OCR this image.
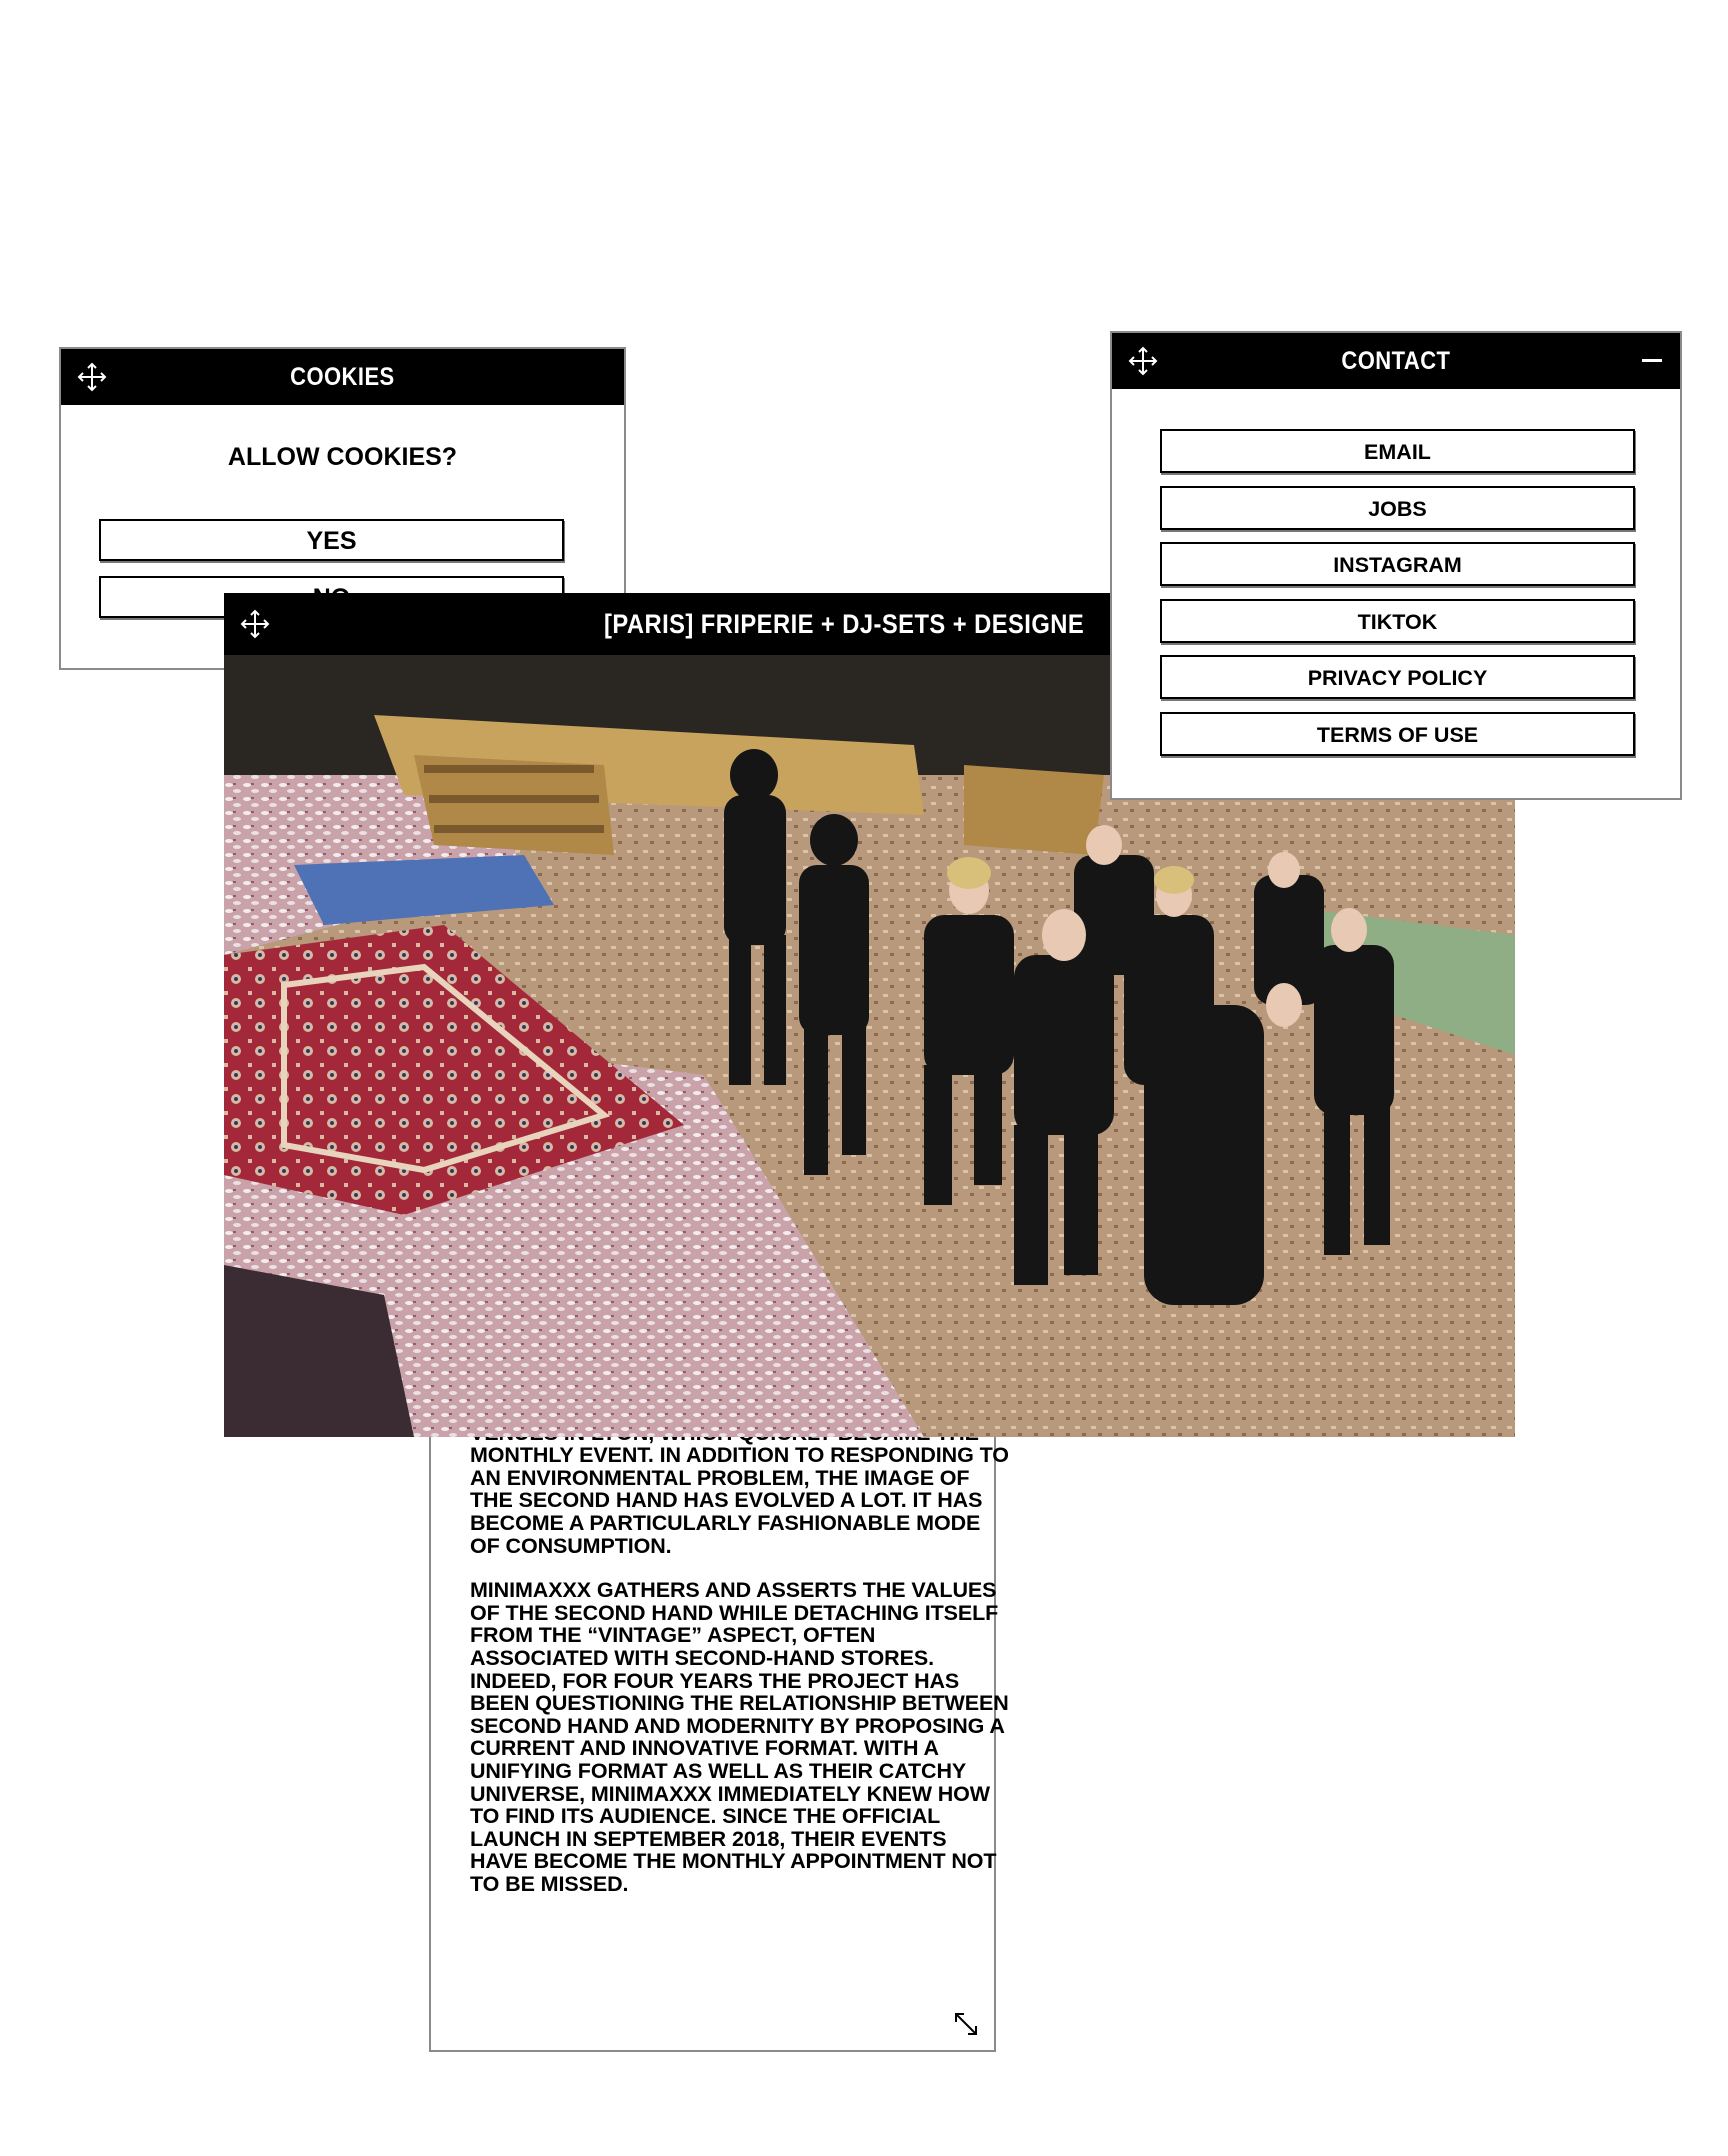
COOKIES
ALLOW COOKIES?
YES

MONTHLY EVENT. IN ADDITION TO RESPONDING TO AN ENVIRONMENTAL PROBLEM, THE IMAGE OF THE SECOND HAND HAS EVOLVED A LOT. IT HAS BECOME A PARTICULARLY FASHIONABLE MODE OF CONSUMPTION.

MINIMAXXX GATHERS AND ASSERTS THE VALUES OF THE SECOND HAND WHILE DETACHING ITSELF FROM THE “VINTAGE” ASPECT, OFTEN ASSOCIATED WITH SECOND-HAND STORES. INDEED, FOR FOUR YEARS THE PROJECT HAS BEEN QUESTIONING THE RELATIONSHIP BETWEEN SECOND HAND AND MODERNITY BY PROPOSING A CURRENT AND INNOVATIVE FORMAT. WITH A UNIFYING FORMAT AS WELL AS THEIR CATCHY UNIVERSE, MINIMAXXX IMMEDIATELY KNEW HOW TO FIND ITS AUDIENCE. SINCE THE OFFICIAL LAUNCH IN SEPTEMBER 2018, THEIR EVENTS HAVE BECOME THE MONTHLY APPOINTMENT NOT TO BE MISSED.

[PARIS] FRIPERIE + DJ-SETS + DESIGNE
CONTACT
EMAIL
JOBS
INSTAGRAM
TIKTOK
PRIVACY POLICY
TERMS OF USE
